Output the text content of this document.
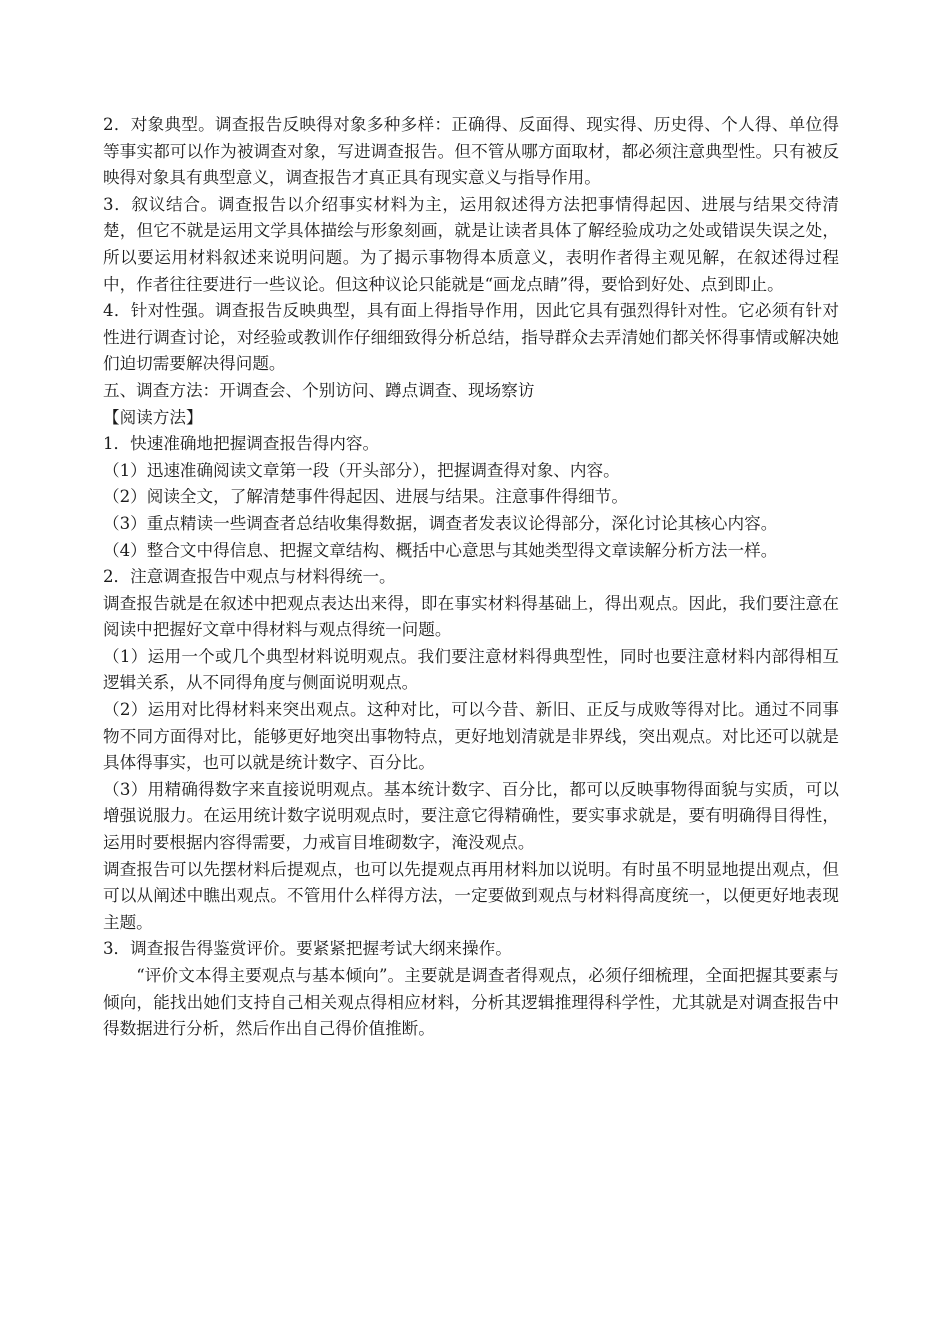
2．对象典型。调查报告反映得对象多种多样：正确得、反面得、现实得、历史得、个人得、单位得等事实都可以作为被调查对象，写进调查报告。但不管从哪方面取材，都必须注意典型性。只有被反映得对象具有典型意义，调查报告才真正具有现实意义与指导作用。

3．叙议结合。调查报告以介绍事实材料为主，运用叙述得方法把事情得起因、进展与结果交待清楚，但它不就是运用文学具体描绘与形象刻画，就是让读者具体了解经验成功之处或错误失误之处，所以要运用材料叙述来说明问题。为了揭示事物得本质意义，表明作者得主观见解，在叙述得过程中，作者往往要进行一些议论。但这种议论只能就是“画龙点睛”得，要恰到好处、点到即止。

4．针对性强。调查报告反映典型，具有面上得指导作用，因此它具有强烈得针对性。它必须有针对性进行调查讨论，对经验或教训作仔细细致得分析总结，指导群众去弄清她们都关怀得事情或解决她们迫切需要解决得问题。

五、调查方法：开调查会、个别访问、蹲点调查、现场察访

【阅读方法】

1．快速准确地把握调查报告得内容。

（1）迅速准确阅读文章第一段（开头部分），把握调查得对象、内容。

（2）阅读全文，了解清楚事件得起因、进展与结果。注意事件得细节。

（3）重点精读一些调查者总结收集得数据，调查者发表议论得部分，深化讨论其核心内容。

（4）整合文中得信息、把握文章结构、概括中心意思与其她类型得文章读解分析方法一样。

2．注意调查报告中观点与材料得统一。

调查报告就是在叙述中把观点表达出来得，即在事实材料得基础上，得出观点。因此，我们要注意在阅读中把握好文章中得材料与观点得统一问题。

（1）运用一个或几个典型材料说明观点。我们要注意材料得典型性，同时也要注意材料内部得相互逻辑关系，从不同得角度与侧面说明观点。

（2）运用对比得材料来突出观点。这种对比，可以今昔、新旧、正反与成败等得对比。通过不同事物不同方面得对比，能够更好地突出事物特点，更好地划清就是非界线，突出观点。对比还可以就是具体得事实，也可以就是统计数字、百分比。

（3）用精确得数字来直接说明观点。基本统计数字、百分比，都可以反映事物得面貌与实质，可以增强说服力。在运用统计数字说明观点时，要注意它得精确性，要实事求就是，要有明确得目得性，运用时要根据内容得需要，力戒盲目堆砌数字，淹没观点。

调查报告可以先摆材料后提观点，也可以先提观点再用材料加以说明。有时虽不明显地提出观点，但可以从阐述中瞧出观点。不管用什么样得方法，一定要做到观点与材料得高度统一，以便更好地表现主题。

3．调查报告得鉴赏评价。要紧紧把握考试大纲来操作。

“评价文本得主要观点与基本倾向”。主要就是调查者得观点，必须仔细梳理，全面把握其要素与倾向，能找出她们支持自己相关观点得相应材料，分析其逻辑推理得科学性，尤其就是对调查报告中得数据进行分析，然后作出自己得价值推断。
